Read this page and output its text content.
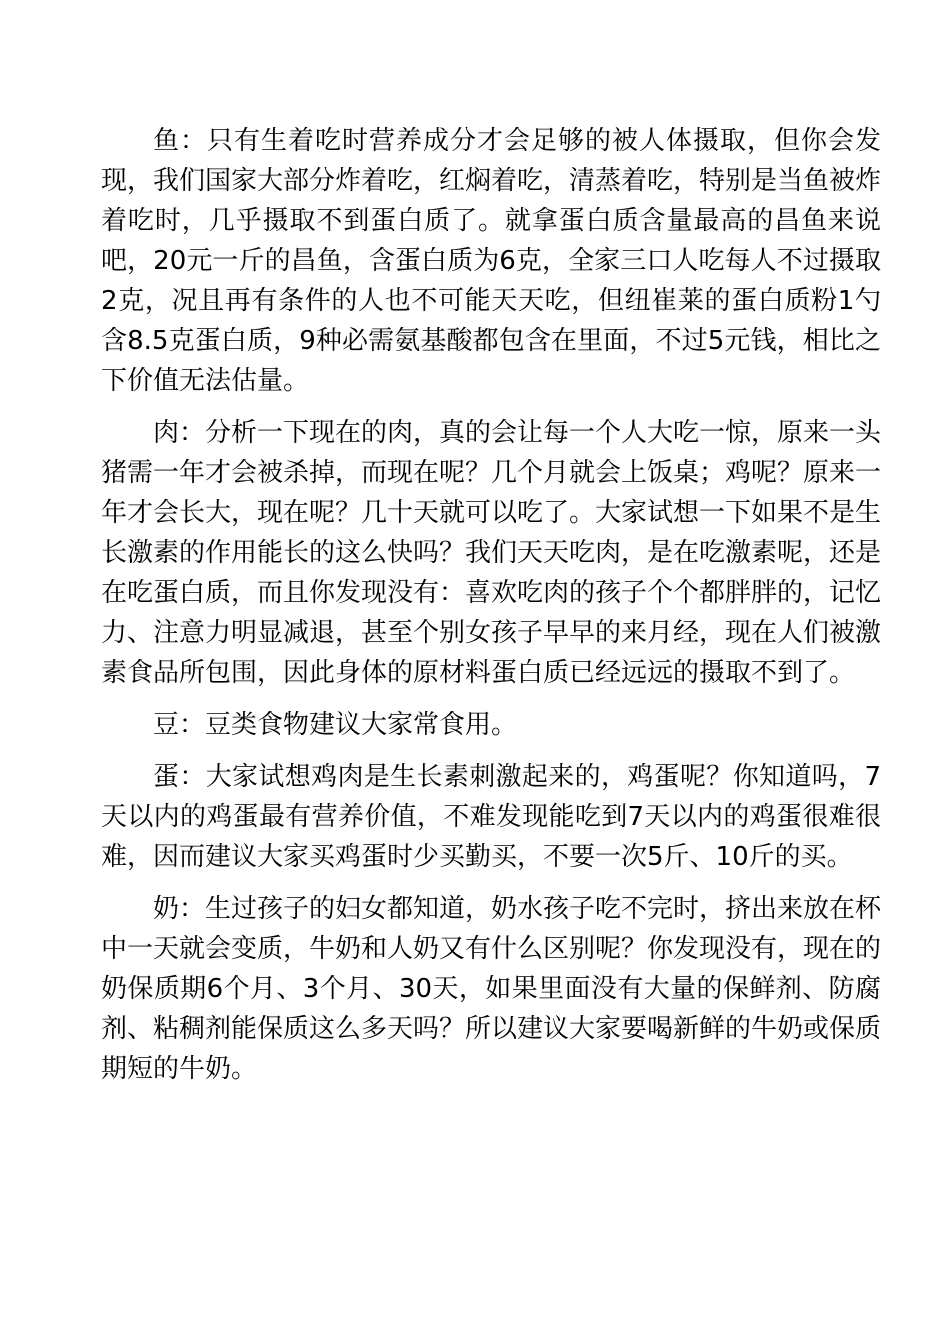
鱼：只有生着吃时营养成分才会足够的被人体摄取，但你会发现，我们国家大部分炸着吃，红焖着吃，清蒸着吃，特别是当鱼被炸着吃时，几乎摄取不到蛋白质了。就拿蛋白质含量最高的昌鱼来说吧，20元一斤的昌鱼，含蛋白质为6克，全家三口人吃每人不过摄取2克，况且再有条件的人也不可能天天吃，但纽崔莱的蛋白质粉1勺含8.5克蛋白质，9种必需氨基酸都包含在里面，不过5元钱，相比之下价值无法估量。

肉：分析一下现在的肉，真的会让每一个人大吃一惊，原来一头猪需一年才会被杀掉，而现在呢？几个月就会上饭桌；鸡呢？原来一年才会长大，现在呢？几十天就可以吃了。大家试想一下如果不是生长激素的作用能长的这么快吗？我们天天吃肉，是在吃激素呢，还是在吃蛋白质，而且你发现没有：喜欢吃肉的孩子个个都胖胖的，记忆力、注意力明显减退，甚至个别女孩子早早的来月经，现在人们被激素食品所包围，因此身体的原材料蛋白质已经远远的摄取不到了。

豆：豆类食物建议大家常食用。

蛋：大家试想鸡肉是生长素刺激起来的，鸡蛋呢？你知道吗，7天以内的鸡蛋最有营养价值，不难发现能吃到7天以内的鸡蛋很难很难，因而建议大家买鸡蛋时少买勤买，不要一次5斤、10斤的买。

奶：生过孩子的妇女都知道，奶水孩子吃不完时，挤出来放在杯中一天就会变质，牛奶和人奶又有什么区别呢？你发现没有，现在的奶保质期6个月、3个月、30天，如果里面没有大量的保鲜剂、防腐剂、粘稠剂能保质这么多天吗？所以建议大家要喝新鲜的牛奶或保质期短的牛奶。
